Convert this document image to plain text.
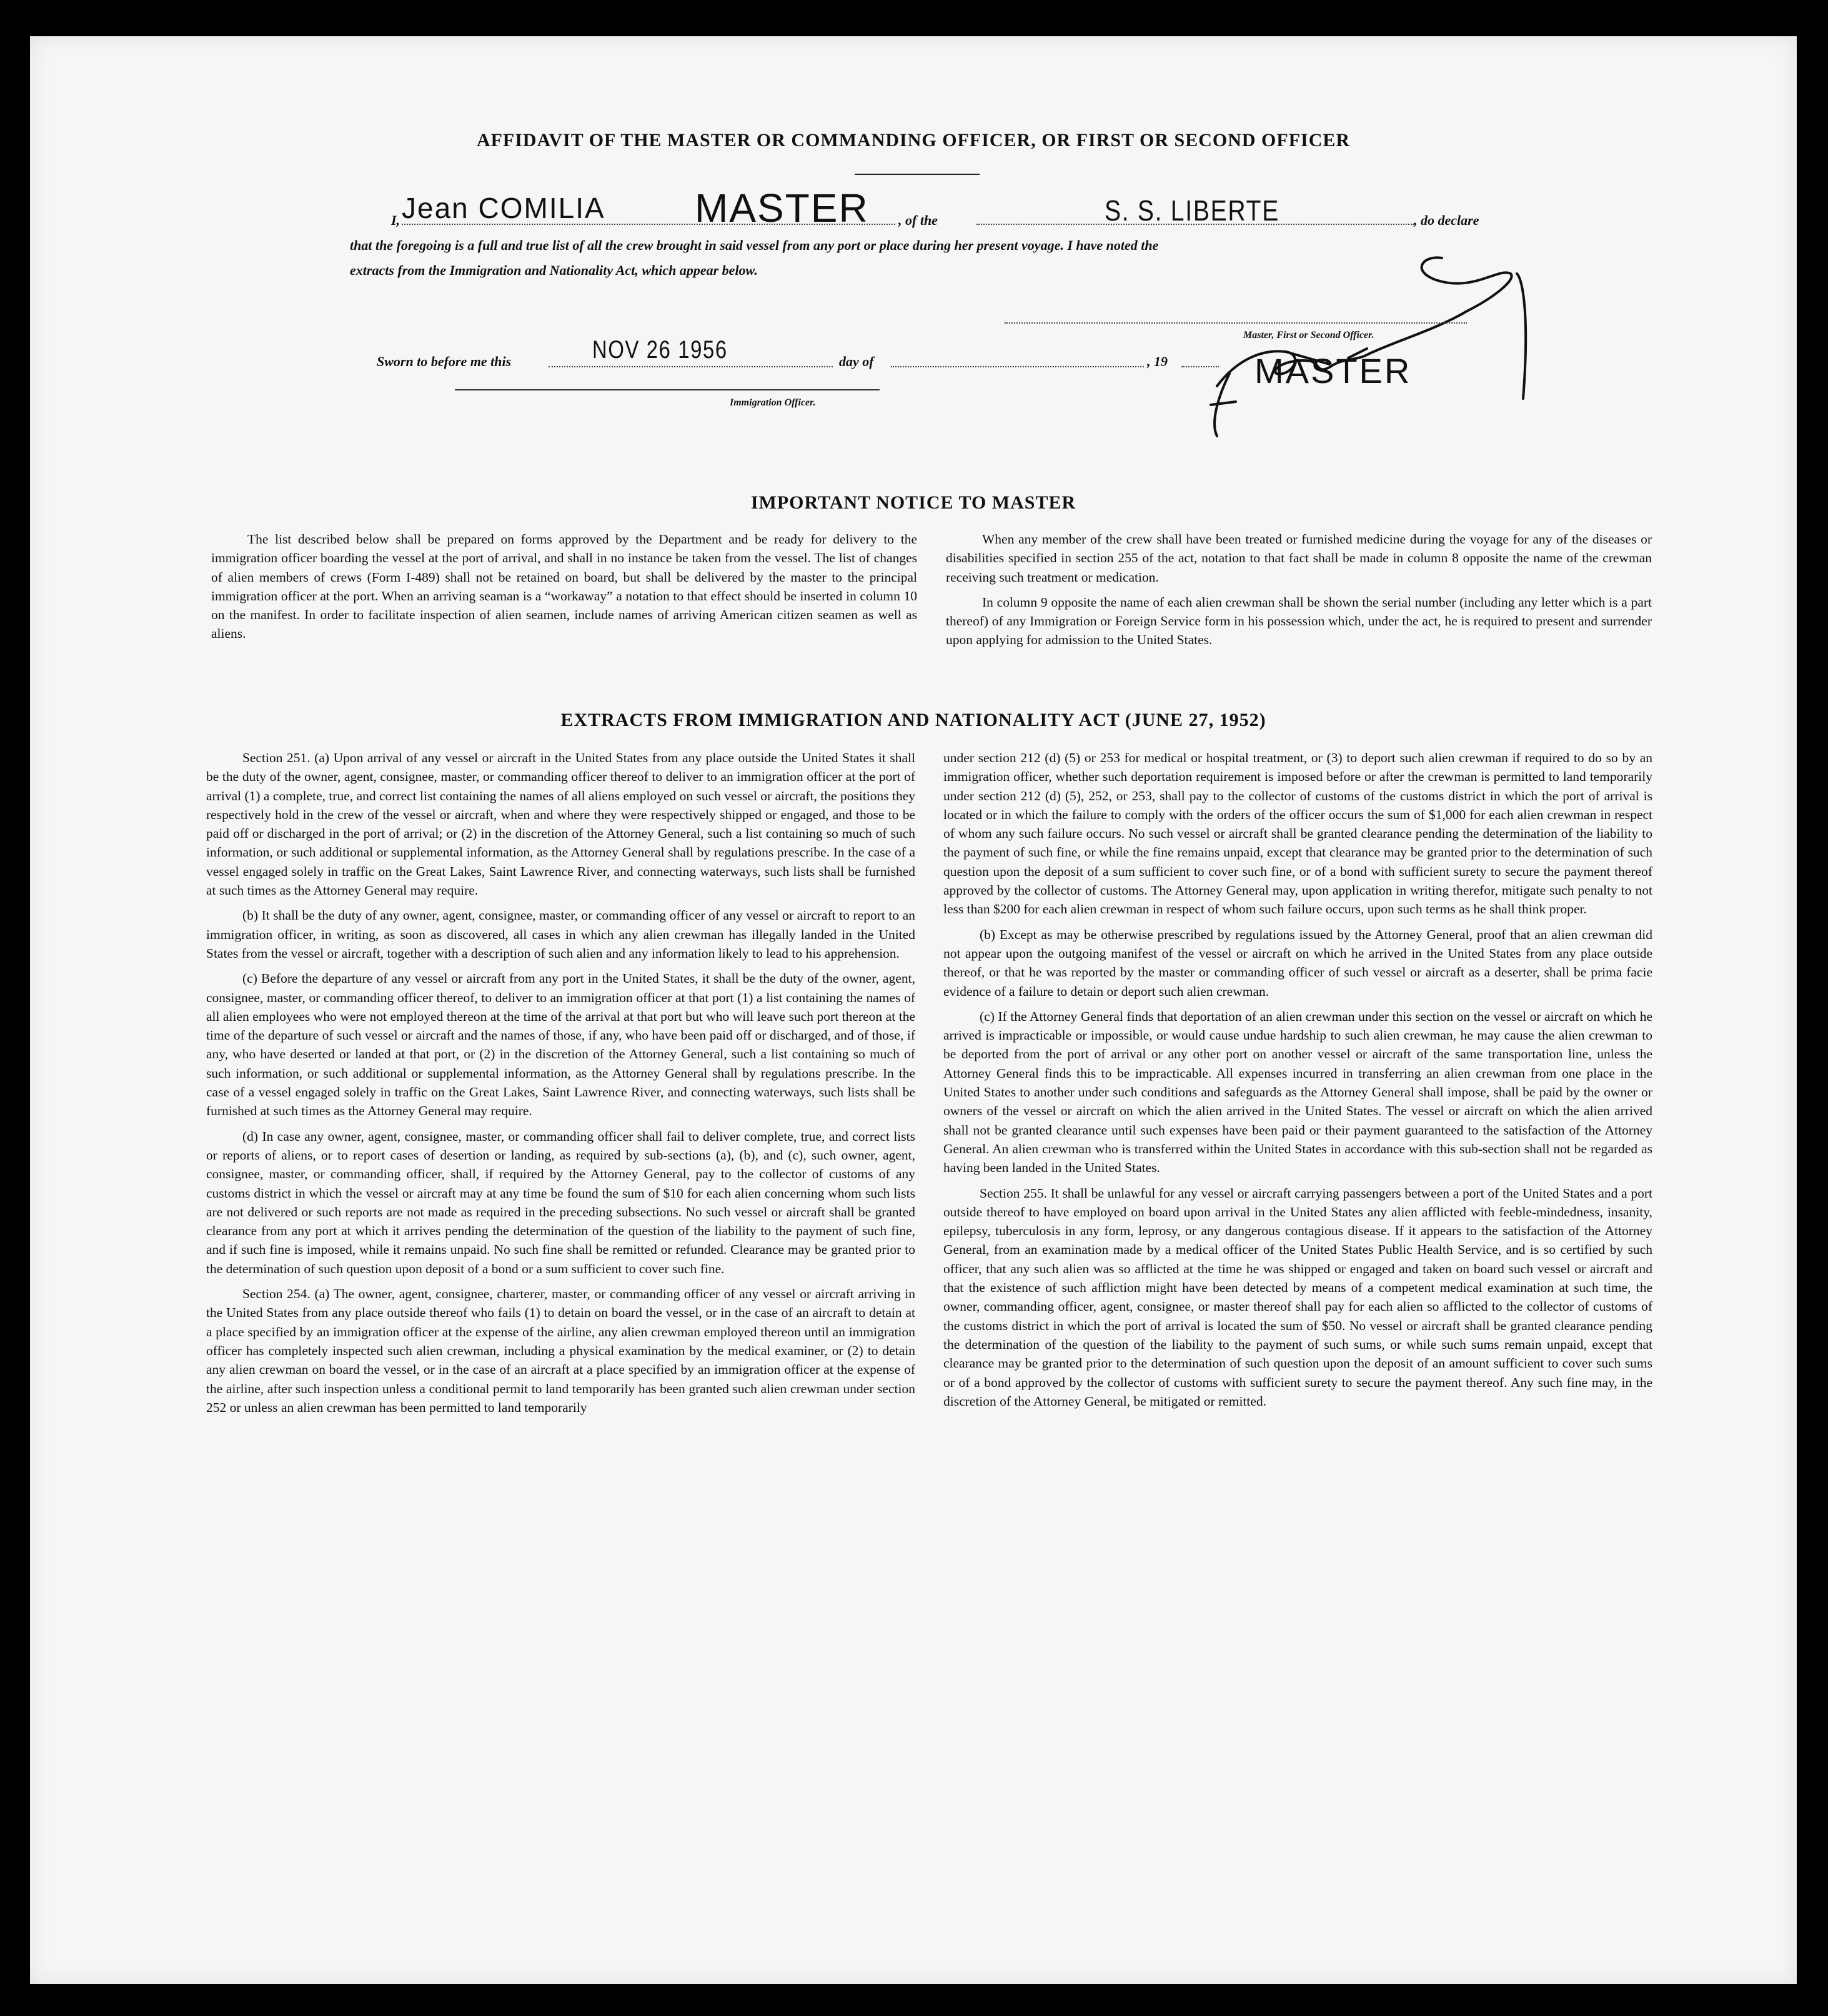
AFFIDAVIT OF THE MASTER OR COMMANDING OFFICER, OR FIRST OR SECOND OFFICER
I, Jean COMILIA MASTER , of the	S. S. LIBERTE	, do declare
that the foregoing is a full and true list of all the crew brought in said vessel from any port or place during her present voyage. I have noted the
extracts from the Immigration and Nationality Act, which appear below.
Master, First or Second Officer.
MASTER
Sworn to before me this	NOV 26 1956	day of	, 19
Immigration Officer.
IMPORTANT NOTICE TO MASTER

The list described below shall be prepared on forms approved by the Department and be ready for delivery to the immigration officer boarding the vessel at the port of arrival, and shall in no instance be taken from the vessel. The list of changes of alien members of crews (Form I-489) shall not be retained on board, but shall be delivered by the master to the principal immigration officer at the port. When an arriving seaman is a “workaway” a notation to that effect should be inserted in column 10 on the manifest. In order to facilitate inspection of alien seamen, include names of arriving American citizen seamen as well as aliens.

When any member of the crew shall have been treated or furnished medicine during the voyage for any of the diseases or disabilities specified in section 255 of the act, notation to that fact shall be made in column 8 opposite the name of the crewman receiving such treatment or medication.

In column 9 opposite the name of each alien crewman shall be shown the serial number (including any letter which is a part thereof) of any Immigration or Foreign Service form in his possession which, under the act, he is required to present and surrender upon applying for admission to the United States.

EXTRACTS FROM IMMIGRATION AND NATIONALITY ACT (JUNE 27, 1952)

Section 251. (a) Upon arrival of any vessel or aircraft in the United States from any place outside the United States it shall be the duty of the owner, agent, consignee, master, or commanding officer thereof to deliver to an immigration officer at the port of arrival (1) a complete, true, and correct list containing the names of all aliens employed on such vessel or aircraft, the positions they respectively hold in the crew of the vessel or aircraft, when and where they were respectively shipped or engaged, and those to be paid off or discharged in the port of arrival; or (2) in the discretion of the Attorney General, such a list containing so much of such information, or such additional or supplemental information, as the Attorney General shall by regulations prescribe. In the case of a vessel engaged solely in traffic on the Great Lakes, Saint Lawrence River, and connecting waterways, such lists shall be furnished at such times as the Attorney General may require.

(b) It shall be the duty of any owner, agent, consignee, master, or commanding officer of any vessel or aircraft to report to an immigration officer, in writing, as soon as discovered, all cases in which any alien crewman has illegally landed in the United States from the vessel or aircraft, together with a description of such alien and any information likely to lead to his apprehension.

(c) Before the departure of any vessel or aircraft from any port in the United States, it shall be the duty of the owner, agent, consignee, master, or commanding officer thereof, to deliver to an immigration officer at that port (1) a list containing the names of all alien employees who were not employed thereon at the time of the arrival at that port but who will leave such port thereon at the time of the departure of such vessel or aircraft and the names of those, if any, who have been paid off or discharged, and of those, if any, who have deserted or landed at that port, or (2) in the discretion of the Attorney General, such a list containing so much of such information, or such additional or supplemental information, as the Attorney General shall by regulations prescribe. In the case of a vessel engaged solely in traffic on the Great Lakes, Saint Lawrence River, and connecting waterways, such lists shall be furnished at such times as the Attorney General may require.

(d) In case any owner, agent, consignee, master, or commanding officer shall fail to deliver complete, true, and correct lists or reports of aliens, or to report cases of desertion or landing, as required by sub-sections (a), (b), and (c), such owner, agent, consignee, master, or commanding officer, shall, if required by the Attorney General, pay to the collector of customs of any customs district in which the vessel or aircraft may at any time be found the sum of $10 for each alien concerning whom such lists are not delivered or such reports are not made as required in the preceding subsections. No such vessel or aircraft shall be granted clearance from any port at which it arrives pending the determination of the question of the liability to the payment of such fine, and if such fine is imposed, while it remains unpaid. No such fine shall be remitted or refunded. Clearance may be granted prior to the determination of such question upon deposit of a bond or a sum sufficient to cover such fine.

Section 254. (a) The owner, agent, consignee, charterer, master, or commanding officer of any vessel or aircraft arriving in the United States from any place outside thereof who fails (1) to detain on board the vessel, or in the case of an aircraft to detain at a place specified by an immigration officer at the expense of the airline, any alien crewman employed thereon until an immigration officer has completely inspected such alien crewman, including a physical examination by the medical examiner, or (2) to detain any alien crewman on board the vessel, or in the case of an aircraft at a place specified by an immigration officer at the expense of the airline, after such inspection unless a conditional permit to land temporarily has been granted such alien crewman under section 252 or unless an alien crewman has been permitted to land temporarily

under section 212 (d) (5) or 253 for medical or hospital treatment, or (3) to deport such alien crewman if required to do so by an immigration officer, whether such deportation requirement is imposed before or after the crewman is permitted to land temporarily under section 212 (d) (5), 252, or 253, shall pay to the collector of customs of the customs district in which the port of arrival is located or in which the failure to comply with the orders of the officer occurs the sum of $1,000 for each alien crewman in respect of whom any such failure occurs. No such vessel or aircraft shall be granted clearance pending the determination of the liability to the payment of such fine, or while the fine remains unpaid, except that clearance may be granted prior to the determination of such question upon the deposit of a sum sufficient to cover such fine, or of a bond with sufficient surety to secure the payment thereof approved by the collector of customs. The Attorney General may, upon application in writing therefor, mitigate such penalty to not less than $200 for each alien crewman in respect of whom such failure occurs, upon such terms as he shall think proper.

(b) Except as may be otherwise prescribed by regulations issued by the Attorney General, proof that an alien crewman did not appear upon the outgoing manifest of the vessel or aircraft on which he arrived in the United States from any place outside thereof, or that he was reported by the master or commanding officer of such vessel or aircraft as a deserter, shall be prima facie evidence of a failure to detain or deport such alien crewman.

(c) If the Attorney General finds that deportation of an alien crewman under this section on the vessel or aircraft on which he arrived is impracticable or impossible, or would cause undue hardship to such alien crewman, he may cause the alien crewman to be deported from the port of arrival or any other port on another vessel or aircraft of the same transportation line, unless the Attorney General finds this to be impracticable. All expenses incurred in transferring an alien crewman from one place in the United States to another under such conditions and safeguards as the Attorney General shall impose, shall be paid by the owner or owners of the vessel or aircraft on which the alien arrived in the United States. The vessel or aircraft on which the alien arrived shall not be granted clearance until such expenses have been paid or their payment guaranteed to the satisfaction of the Attorney General. An alien crewman who is transferred within the United States in accordance with this sub-section shall not be regarded as having been landed in the United States.

Section 255. It shall be unlawful for any vessel or aircraft carrying passengers between a port of the United States and a port outside thereof to have employed on board upon arrival in the United States any alien afflicted with feeble-mindedness, insanity, epilepsy, tuberculosis in any form, leprosy, or any dangerous contagious disease. If it appears to the satisfaction of the Attorney General, from an examination made by a medical officer of the United States Public Health Service, and is so certified by such officer, that any such alien was so afflicted at the time he was shipped or engaged and taken on board such vessel or aircraft and that the existence of such affliction might have been detected by means of a competent medical examination at such time, the owner, commanding officer, agent, consignee, or master thereof shall pay for each alien so afflicted to the collector of customs of the customs district in which the port of arrival is located the sum of $50. No vessel or aircraft shall be granted clearance pending the determination of the question of the liability to the payment of such sums, or while such sums remain unpaid, except that clearance may be granted prior to the determination of such question upon the deposit of an amount sufficient to cover such sums or of a bond approved by the collector of customs with sufficient surety to secure the payment thereof. Any such fine may, in the discretion of the Attorney General, be mitigated or remitted.
